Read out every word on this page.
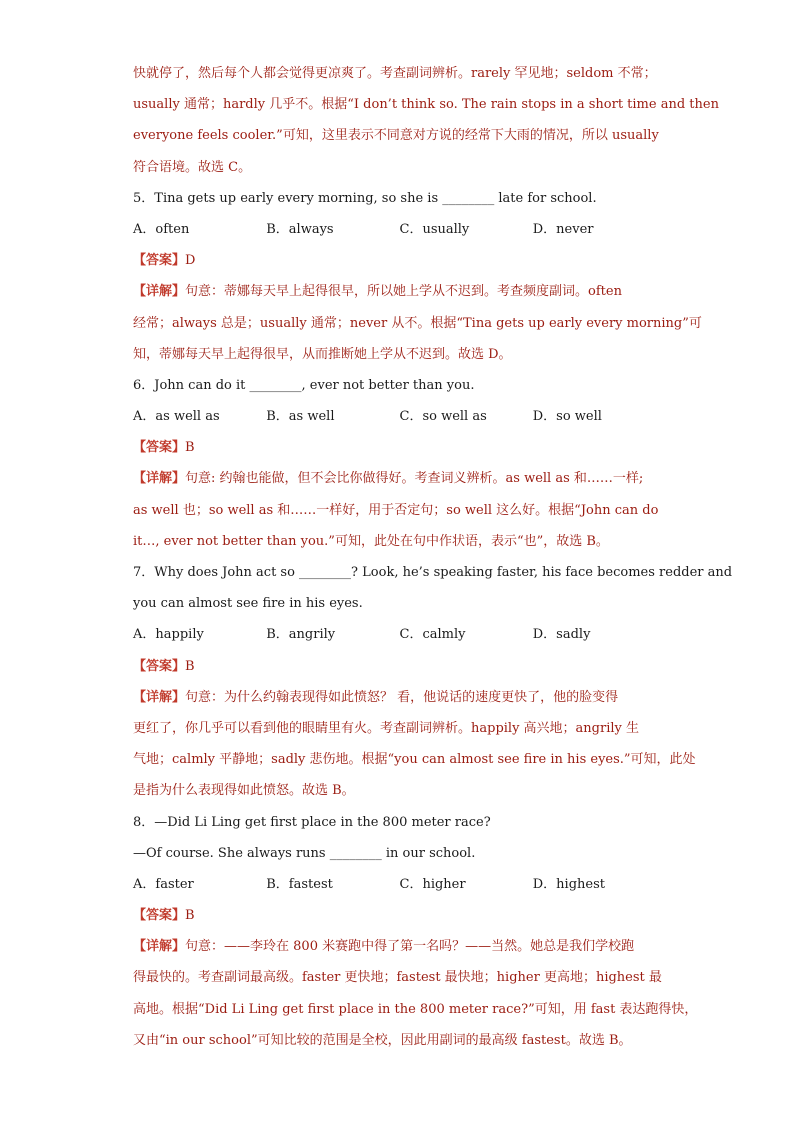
快就停了，然后每个人都会觉得更凉爽了。考查副词辨析。rarely 罕见地；seldom 不常；
usually 通常；hardly 几乎不。根据“I don’t think so. The rain stops in a short time and then
everyone feels cooler.”可知，这里表示不同意对方说的经常下大雨的情况，所以 usually
符合语境。故选 C。
5．Tina gets up early every morning, so she is ________ late for school.
A．often	B．always	C．usually	D．never
【答案】D
【详解】句意：蒂娜每天早上起得很早，所以她上学从不迟到。考查频度副词。often
经常；always 总是；usually 通常；never 从不。根据“Tina gets up early every morning”可
知，蒂娜每天早上起得很早，从而推断她上学从不迟到。故选 D。
6．John can do it ________, ever not better than you.
A．as well as	B．as well	C．so well as	D．so well
【答案】B
【详解】句意: 约翰也能做，但不会比你做得好。考查词义辨析。as well as 和……一样;
as well 也；so well as 和……一样好，用于否定句；so well 这么好。根据“John can do
it…, ever not better than you.”可知，此处在句中作状语，表示“也”，故选 B。
7．Why does John act so ________? Look, he’s speaking faster, his face becomes redder and
you can almost see fire in his eyes.
A．happily	B．angrily	C．calmly	D．sadly
【答案】B
【详解】句意：为什么约翰表现得如此愤怒？ 看，他说话的速度更快了，他的脸变得
更红了，你几乎可以看到他的眼睛里有火。考查副词辨析。happily 高兴地；angrily 生
气地；calmly 平静地；sadly 悲伤地。根据“you can almost see fire in his eyes.”可知，此处
是指为什么表现得如此愤怒。故选 B。
8．—Did Li Ling get first place in the 800 meter race?
—Of course. She always runs ________ in our school.
A．faster	B．fastest	C．higher	D．highest
【答案】B
【详解】句意：——李玲在 800 米赛跑中得了第一名吗？——当然。她总是我们学校跑
得最快的。考查副词最高级。faster 更快地；fastest 最快地；higher 更高地；highest 最
高地。根据“Did Li Ling get first place in the 800 meter race?”可知，用 fast 表达跑得快，
又由“in our school”可知比较的范围是全校，因此用副词的最高级 fastest。故选 B。
